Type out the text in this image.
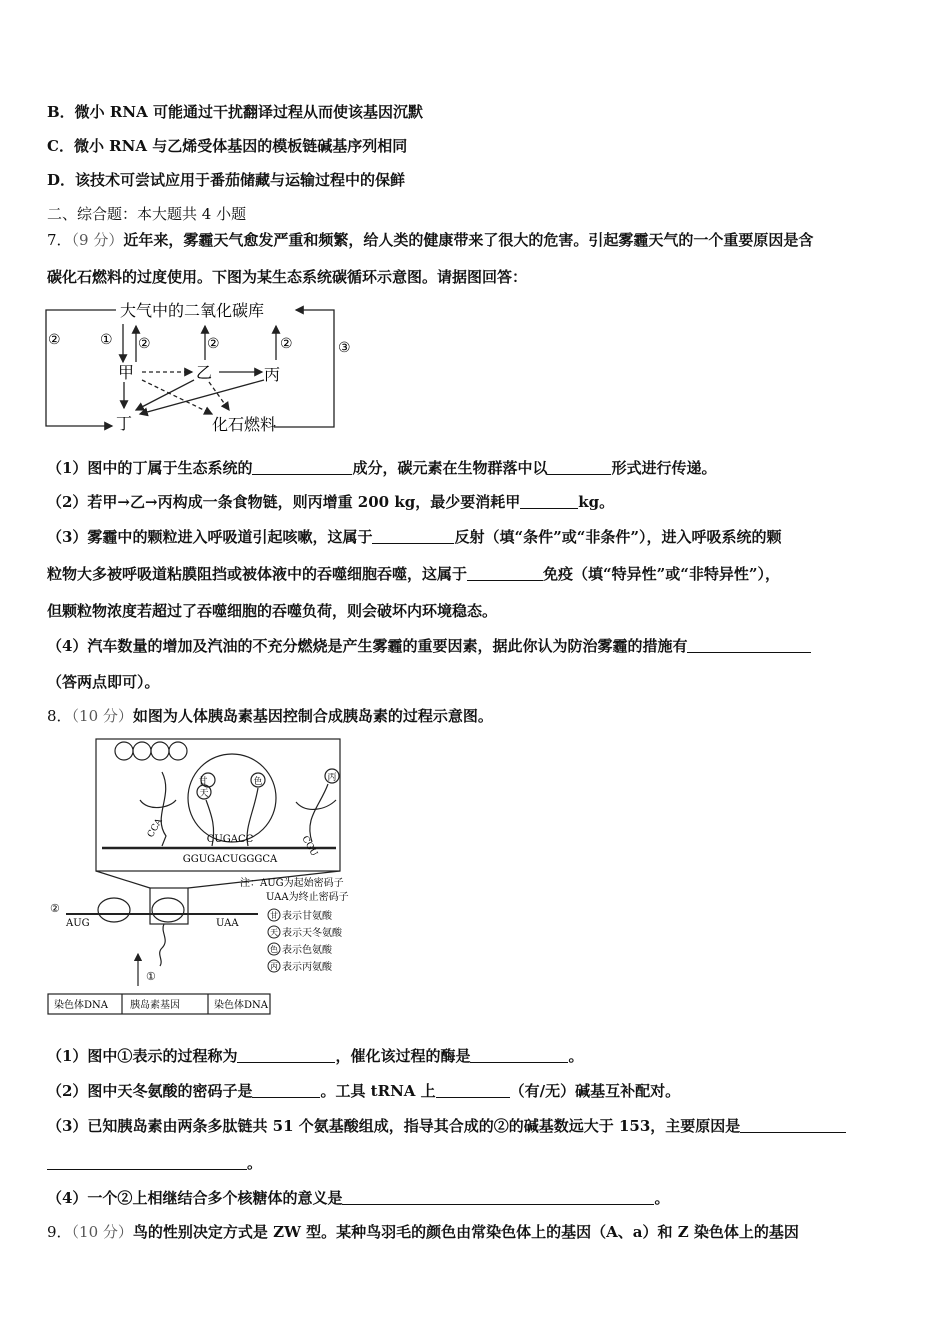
B．微小 RNA 可能通过干扰翻译过程从而使该基因沉默
C．微小 RNA 与乙烯受体基因的模板链碱基序列相同
D．该技术可尝试应用于番茄储藏与运输过程中的保鲜
二、综合题：本大题共 4 小题
7．（9 分）近年来，雾霾天气愈发严重和频繁，给人类的健康带来了很大的危害。引起雾霾天气的一个重要原因是含
碳化石燃料的过度使用。下图为某生态系统碳循环示意图。请据图回答：
大气中的二氧化碳库
②	① ②	②	②	③
甲	乙	丙
丁	化石燃料
（1）图中的丁属于生态系统的	成分，碳元素在生物群落中以	形式进行传递。
（2）若甲→乙→丙构成一条食物链，则丙增重 200 kg，最少要消耗甲	kg。
（3）雾霾中的颗粒进入呼吸道引起咳嗽，这属于	反射（填“条件”或“非条件”），进入呼吸系统的颗
粒物大多被呼吸道粘膜阻挡或被体液中的吞噬细胞吞噬，这属于	免疫（填“特异性”或“非特异性”），
但颗粒物浓度若超过了吞噬细胞的吞噬负荷，则会破坏内环境稳态。
（4）汽车数量的增加及汽油的不充分燃烧是产生雾霾的重要因素，据此你认为防治雾霾的措施有
（答两点即可）。
8．（10 分）如图为人体胰岛素基因控制合成胰岛素的过程示意图。
甘
天
色	丙
CCA
CGU
CUGACC
GGUGACUGGGCA
②
AUG	UAA
①
注：AUG为起始密码子
UAA为终止密码子
甘
天
色
丙
表示甘氨酸
表示天冬氨酸
表示色氨酸
表示丙氨酸
染色体DNA 胰岛素基因	染色体DNA
（1）图中①表示的过程称为	，催化该过程的酶是	。
（2）图中天冬氨酸的密码子是	。工具 tRNA 上	（有/无）碱基互补配对。
（3）已知胰岛素由两条多肽链共 51 个氨基酸组成，指导其合成的②的碱基数远大于 153，主要原因是
。
（4）一个②上相继结合多个核糖体的意义是	。
9．（10 分）鸟的性别决定方式是 ZW 型。某种鸟羽毛的颜色由常染色体上的基因（A、a）和 Z 染色体上的基因
